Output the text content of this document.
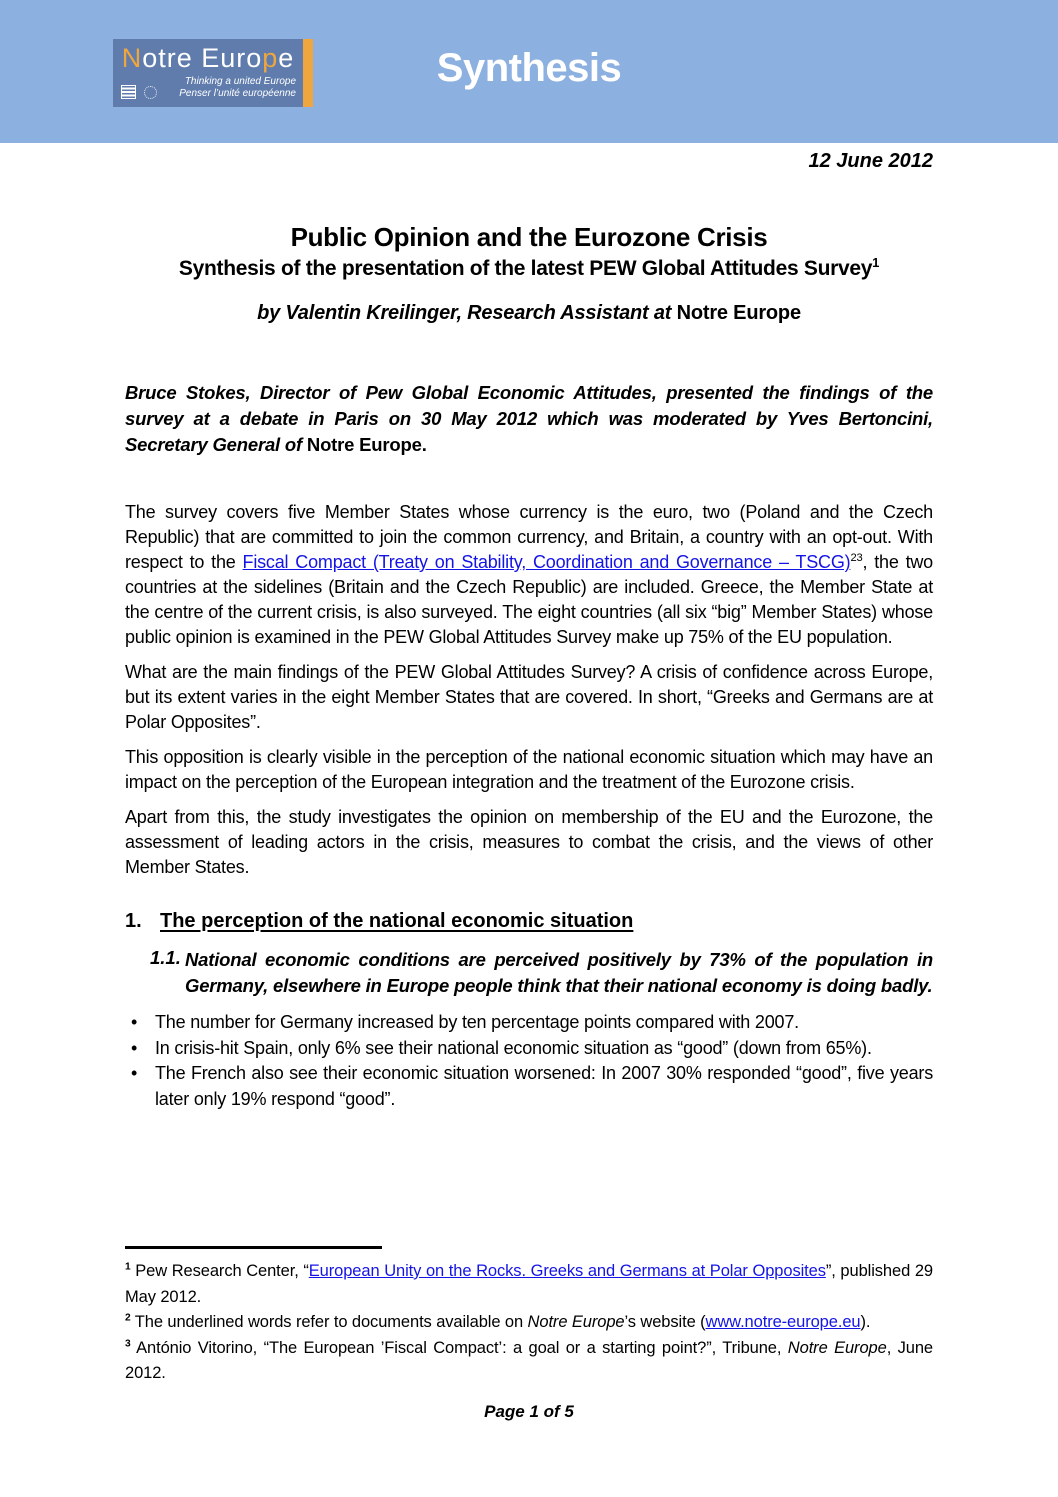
Notre Europe
Thinking a united Europe
Penser l’unité européenne
Synthesis
12 June 2012
Public Opinion and the Eurozone Crisis
Synthesis of the presentation of the latest PEW Global Attitudes Survey$^1$
by Valentin Kreilinger, Research Assistant at Notre Europe

Bruce Stokes, Director of Pew Global Economic Attitudes, presented the findings of the survey at a debate in Paris on 30 May 2012 which was moderated by Yves Bertoncini, Secretary General of Notre Europe.

The survey covers five Member States whose currency is the euro, two (Poland and the Czech Republic) that are committed to join the common currency, and Britain, a country with an opt-out. With respect to the Fiscal Compact (Treaty on Stability, Coordination and Governance – TSCG)$^{23}$, the two countries at the sidelines (Britain and the Czech Republic) are included. Greece, the Member State at the centre of the current crisis, is also surveyed. The eight countries (all six “big” Member States) whose public opinion is examined in the PEW Global Attitudes Survey make up 75% of the EU population.

What are the main findings of the PEW Global Attitudes Survey? A crisis of confidence across Europe, but its extent varies in the eight Member States that are covered. In short, “Greeks and Germans are at Polar Opposites”.

This opposition is clearly visible in the perception of the national economic situation which may have an impact on the perception of the European integration and the treatment of the Eurozone crisis.

Apart from this, the study investigates the opinion on membership of the EU and the Eurozone, the assessment of leading actors in the crisis, measures to combat the crisis, and the views of other Member States.

1. The perception of the national economic situation
1.1. National economic conditions are perceived positively by 73% of the population in Germany, elsewhere in Europe people think that their national economy is doing badly.
• The number for Germany increased by ten percentage points compared with 2007.
• In crisis-hit Spain, only 6% see their national economic situation as “good” (down from 65%).
• The French also see their economic situation worsened: In 2007 30% responded “good”, five years later only 19% respond “good”.
$^1$ Pew Research Center, “European Unity on the Rocks. Greeks and Germans at Polar Opposites”, published 29 May 2012.
$^2$ The underlined words refer to documents available on Notre Europe’s website (www.notre-europe.eu).
$^3$ António Vitorino, “The European ’Fiscal Compact’: a goal or a starting point?”, Tribune, Notre Europe, June 2012.
Page 1 of 5
